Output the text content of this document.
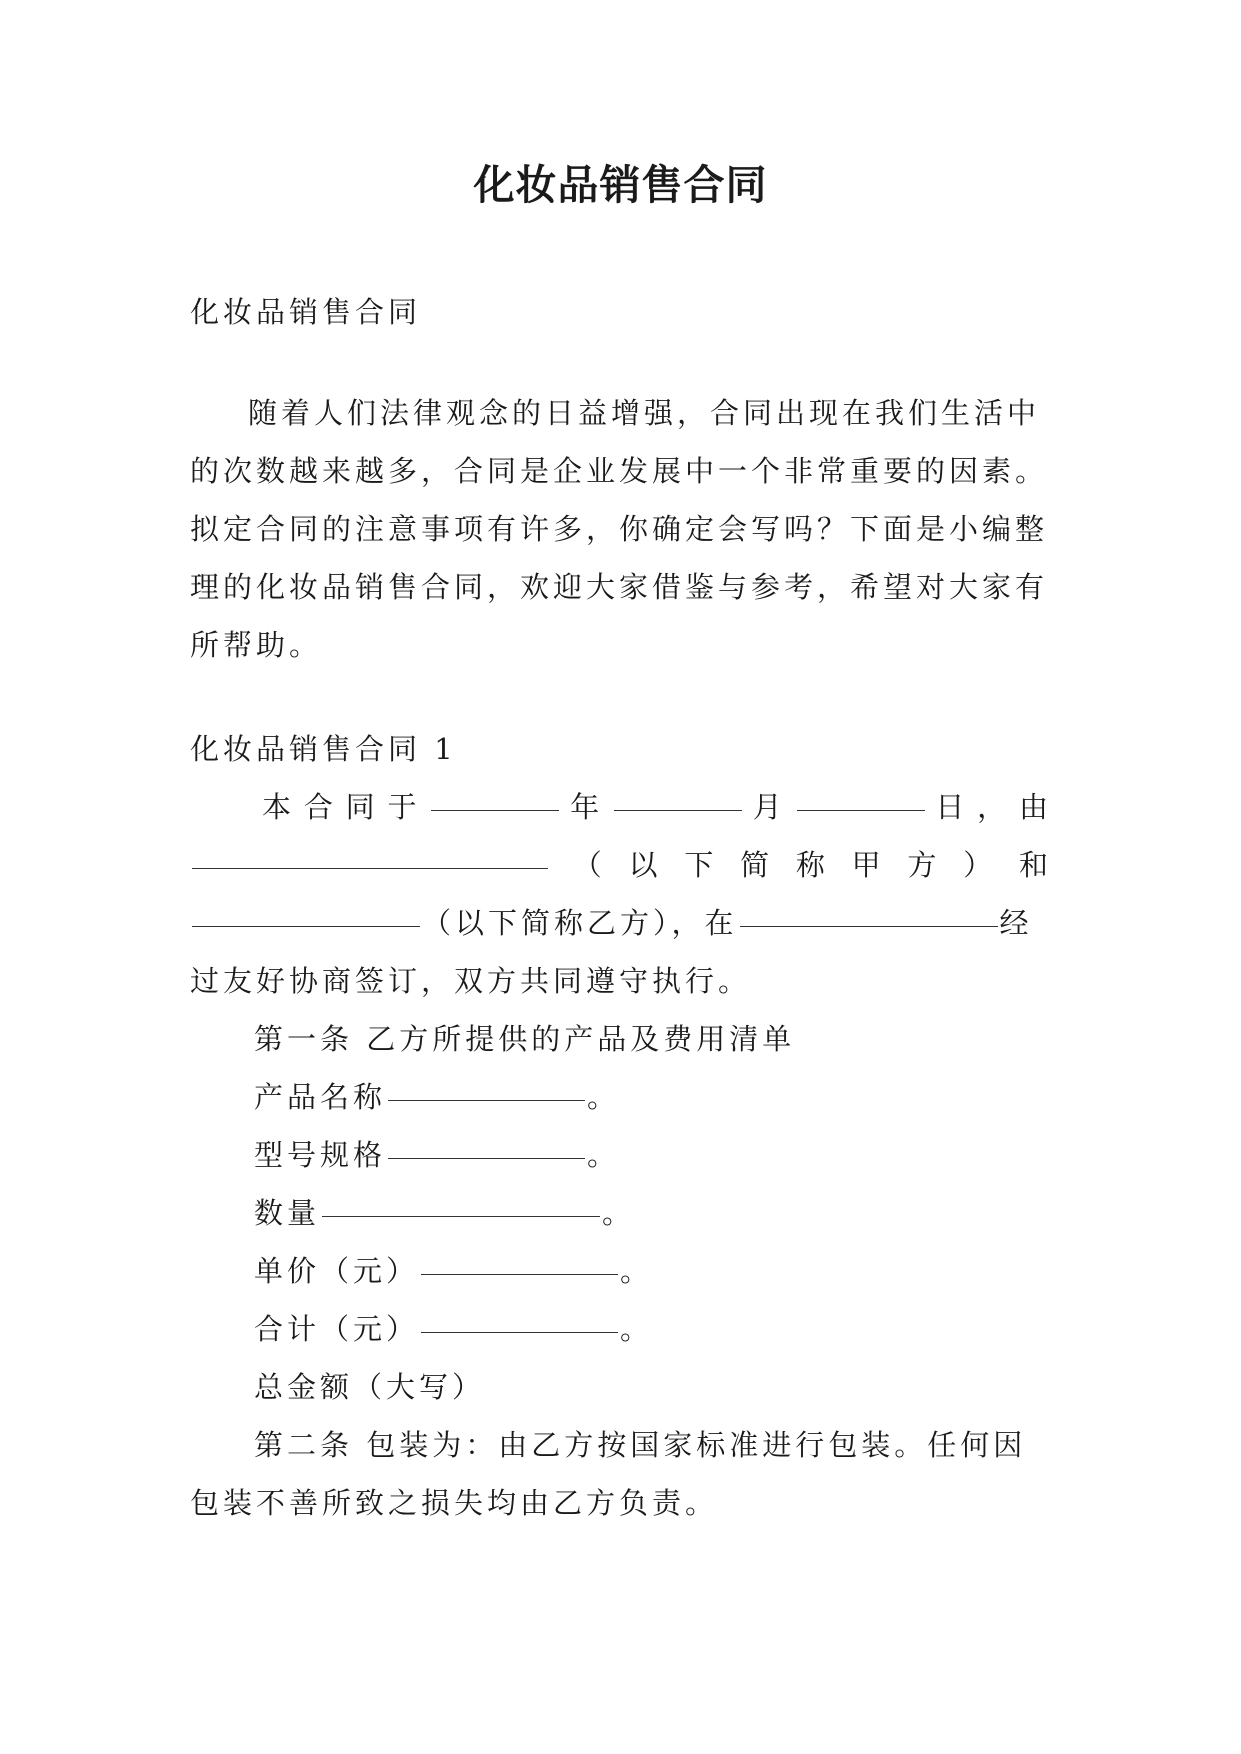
化妆品销售合同

化妆品销售合同

随着人们法律观念的日益增强，合同出现在我们生活中

的次数越来越多，合同是企业发展中一个非常重要的因素。

拟定合同的注意事项有许多，你确定会写吗？下面是小编整

理的化妆品销售合同，欢迎大家借鉴与参考，希望对大家有

所帮助。

化妆品销售合同 1

本合同于	年	月	日，由

（以下简称甲方）和

（以下简称乙方），在	经

过友好协商签订，双方共同遵守执行。

第一条 乙方所提供的产品及费用清单

产品名称	。

型号规格	。

数量	。

单价（元）	。

合计（元）	。

总金额（大写）

第二条 包装为：由乙方按国家标准进行包装。任何因

包装不善所致之损失均由乙方负责。
